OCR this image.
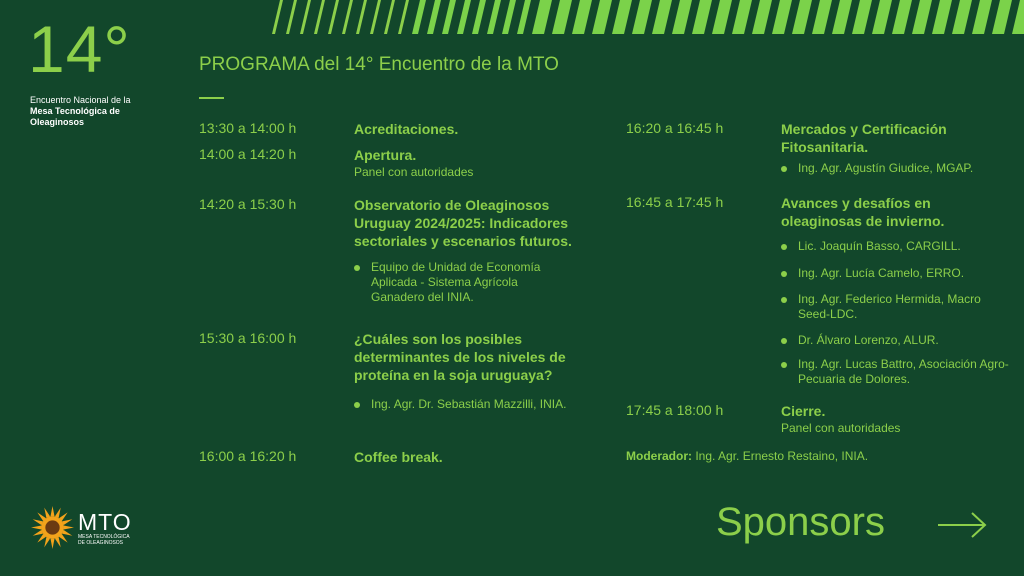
14°
Encuentro Nacional de la
Mesa Tecnológica de
Oleaginosos
PROGRAMA del 14° Encuentro de la MTO
13:30 a 14:00 h	Acreditaciones.
14:00 a 14:20 h	Apertura.
Panel con autoridades
14:20 a 15:30 h	Observatorio de Oleaginosos Uruguay 2024/2025: Indicadores sectoriales y escenarios futuros.
Equipo de Unidad de Economía Aplicada - Sistema Agrícola Ganadero del INIA.
15:30 a 16:00 h	¿Cuáles son los posibles determinantes de los niveles de proteína en la soja uruguaya?
Ing. Agr. Dr. Sebastián Mazzilli, INIA.
16:00 a 16:20 h	Coffee break.
16:20 a 16:45 h	Mercados y Certificación Fitosanitaria.
Ing. Agr. Agustín Giudice, MGAP.
16:45 a 17:45 h	Avances y desafíos en oleaginosas de invierno.
Lic. Joaquín Basso, CARGILL.
Ing. Agr. Lucía Camelo, ERRO.
Ing. Agr. Federico Hermida, Macro Seed-LDC.
Dr. Álvaro Lorenzo, ALUR.
Ing. Agr. Lucas Battro, Asociación Agro-Pecuaria de Dolores.
17:45 a 18:00 h	Cierre.
Panel con autoridades
Moderador: Ing. Agr. Ernesto Restaino, INIA.
Sponsors
MTO
MESA TECNOLÓGICA
DE OLEAGINOSOS
